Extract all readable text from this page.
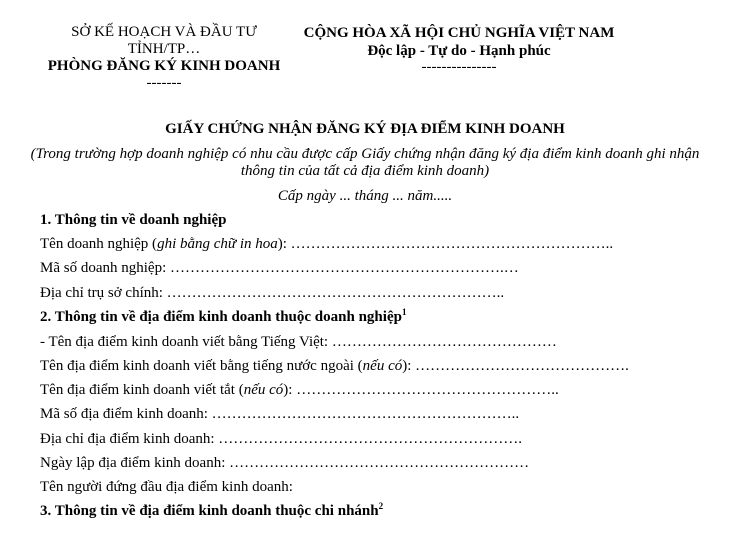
SỞ KẾ HOẠCH VÀ ĐẦU TƯ
TỈNH/TP…
PHÒNG ĐĂNG KÝ KINH DOANH
-------
CỘNG HÒA XÃ HỘI CHỦ NGHĨA VIỆT NAM
Độc lập - Tự do - Hạnh phúc
---------------
GIẤY CHỨNG NHẬN ĐĂNG KÝ ĐỊA ĐIỂM KINH DOANH
(Trong trường hợp doanh nghiệp có nhu cầu được cấp Giấy chứng nhận đăng ký địa điểm kinh doanh ghi nhận thông tin của tất cả địa điểm kinh doanh)
Cấp ngày ... tháng ... năm.....
1. Thông tin về doanh nghiệp
Tên doanh nghiệp (ghi bằng chữ in hoa): ………………………………………………………..
Mã số doanh nghiệp: ………………………………………………………….…
Địa chỉ trụ sở chính: …………………………………………………………..
2. Thông tin về địa điểm kinh doanh thuộc doanh nghiệp$^1$
- Tên địa điểm kinh doanh viết bằng Tiếng Việt: ………………………………………
Tên địa điểm kinh doanh viết bằng tiếng nước ngoài (nếu có): …………………………………….
Tên địa điểm kinh doanh viết tắt (nếu có): ……………………………………………..
Mã số địa điểm kinh doanh: ……………………………………………………..
Địa chỉ địa điểm kinh doanh: …………………………………………………….
Ngày lập địa điểm kinh doanh: ……………………………………………………
Tên người đứng đầu địa điểm kinh doanh:
3. Thông tin về địa điểm kinh doanh thuộc chi nhánh$^2$
